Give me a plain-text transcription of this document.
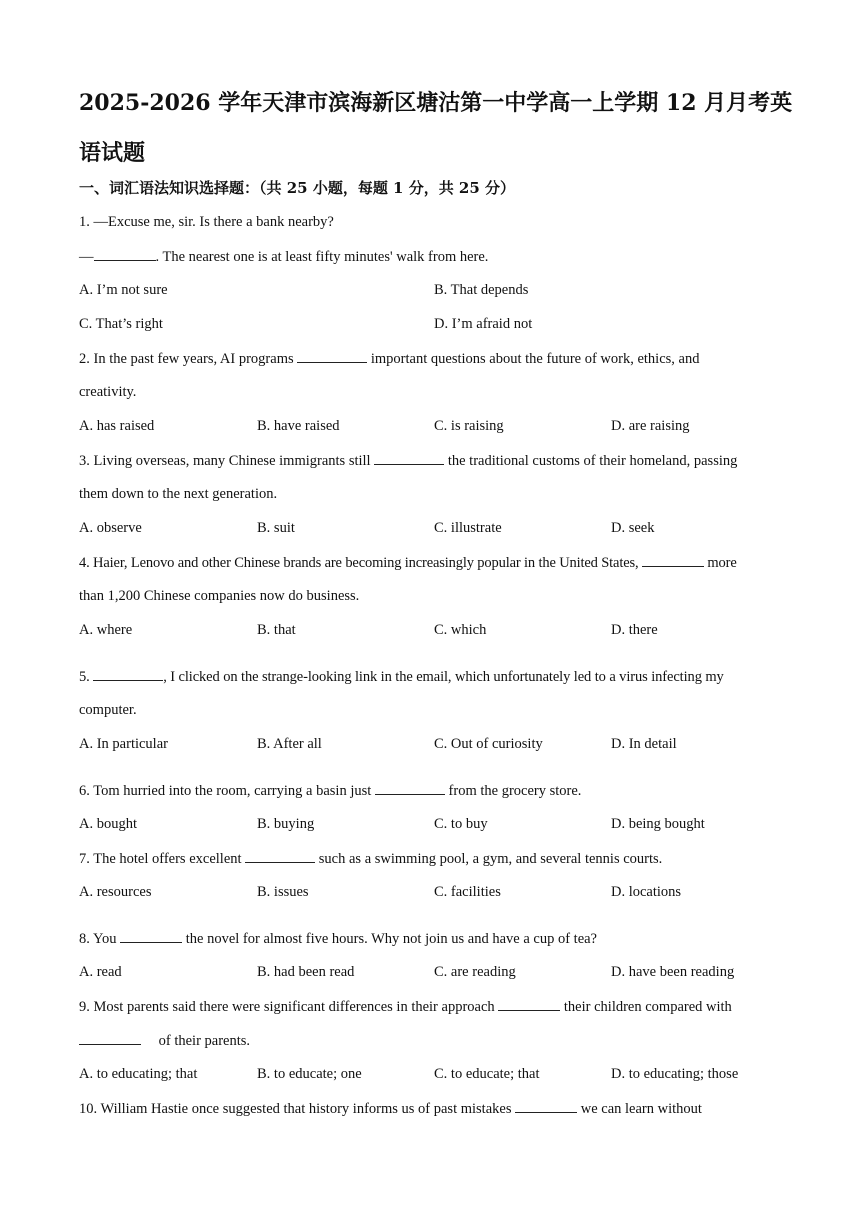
2025-2026 学年天津市滨海新区塘沽第一中学高一上学期 12 月月考英
语试题
一、词汇语法知识选择题：（共 25 小题，每题 1 分，共 25 分）
1. —Excuse me, sir. Is there a bank nearby?
—	. The nearest one is at least fifty minutes' walk from here.
A. I’m not sure	B. That depends
C. That’s right	D. I’m afraid not
2. In the past few years, AI programs	important questions about the future of work, ethics, and
creativity.
A. has raised	B. have raised	C. is raising	D. are raising
3. Living overseas, many Chinese immigrants still	the traditional customs of their homeland, passing
them down to the next generation.
A. observe	B. suit	C. illustrate	D. seek
4. Haier, Lenovo and other Chinese brands are becoming increasingly popular in the United States,	more
than 1,200 Chinese companies now do business.
A. where	B. that	C. which	D. there
5.	, I clicked on the strange-looking link in the email, which unfortunately led to a virus infecting my
computer.
A. In particular	B. After all	C. Out of curiosity	D. In detail
6. Tom hurried into the room, carrying a basin just	from the grocery store.
A. bought	B. buying	C. to buy	D. being bought
7. The hotel offers excellent	such as a swimming pool, a gym, and several tennis courts.
A. resources	B. issues	C. facilities	D. locations
8. You	the novel for almost five hours. Why not join us and have a cup of tea?
A. read	B. had been read	C. are reading	D. have been reading
9. Most parents said there were significant differences in their approach	their children compared with
of their parents.
A. to educating; that	B. to educate; one	C. to educate; that	D. to educating; those
10. William Hastie once suggested that history informs us of past mistakes	we can learn without
